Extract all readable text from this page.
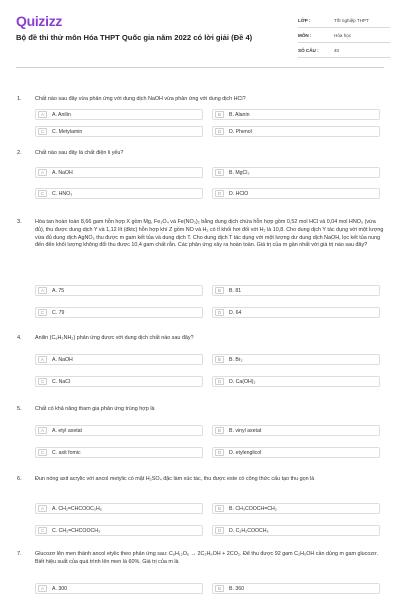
Quizizz
Bộ đề thi thử môn Hóa THPT Quốc gia năm 2022 có lời giải (Đề 4)
LỚP :	Tốt nghiệp THPT
MÔN :	Hóa học
SỐ CÂU :	40
1. Chất nào sau đây vừa phản ứng với dung dịch NaOH vừa phản ứng với dung dịch HCl?
A	A. Anilin	B	B. Alanin
C	C. Metylamin	D	D. Phenol
2. Chất nào sau đây là chất điện li yếu?
A	A. NaOH	B	B. MgCl₂
C	C. HNO₃	D	D. HClO
3. Hòa tan hoàn toàn 8,66 gam hỗn hợp X gồm Mg, Fe₃O₄ và Fe(NO₃)₂ bằng dung dịch chứa hỗn hợp gồm 0,52 mol HCl và 0,04 mol HNO₃ (vừa đủ), thu được dung dịch Y và 1,12 lít (đktc) hỗn hợp khí Z gồm NO và H₂ có tỉ khối hơi đối với H₂ là 10,8. Cho dung dịch Y tác dụng với một lượng vừa đủ dung dịch AgNO₃ thu được m gam kết tủa và dung dịch T. Cho dung dịch T tác dụng với một lượng dư dung dịch NaOH, lọc kết tủa nung đến đến khối lượng không đổi thu được 10,4 gam chất rắn. Các phản ứng xảy ra hoàn toàn. Giá trị của m gần nhất với giá trị nào sau đây?
A	A. 75	B	B. 81
C	C. 79	D	D. 64
4. Anilin (C₆H₅NH₂) phản ứng được với dung dịch chất nào sau đây?
A	A. NaOH	B	B. Br₂
C	C. NaCl	D	D. Ca(OH)₂
5. Chất có khả năng tham gia phản ứng trùng hợp là
A	A. etyl axetat	B	B. vinyl axetat
C	C. axit fomic	D	D. etylenglicol
6. Đun nóng axit acrylic với ancol metylic có mặt H₂SO₄ đặc làm xúc tác, thu được este có công thức cấu tạo thu gọn là
A	A. CH₂=CHCOOC₂H₅	B	B. CH₃COOCH=CH₂
C	C. CH₂=CHCOOCH₃	D	D. C₂H₅COOCH₃
7. Glucozơ lên men thành ancol etylic theo phản ứng sau: C₆H₁₂O₆ → 2C₂H₅OH + 2CO₂. Để thu được 92 gam C₂H₅OH cần dùng m gam glucozơ. Biết hiệu suất của quá trình lên men là 60%. Giá trị của m là
A	A. 300	B	B. 360
